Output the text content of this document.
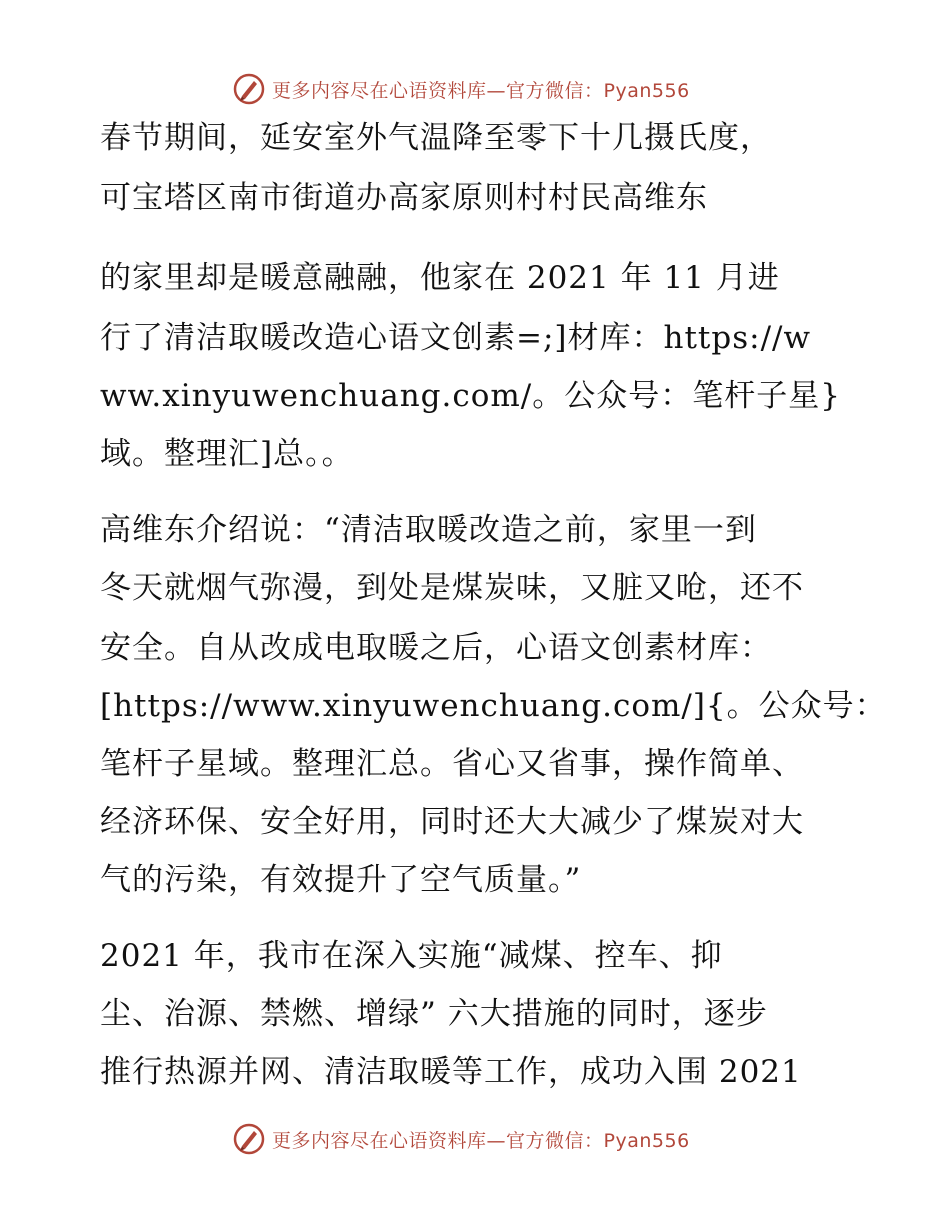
更多内容尽在心语资料库—官方微信：Pyan556
春节期间，延安室外气温降至零下十几摄氏度，
可宝塔区南市街道办高家原则村村民高维东
的家里却是暖意融融，他家在 2021 年 11 月进
行了清洁取暖改造心语文创素=;]材库：https://w
ww.xinyuwenchuang.com/。公众号：笔杆子星}
域。整理汇]总。。
高维东介绍说：“清洁取暖改造之前，家里一到
冬天就烟气弥漫，到处是煤炭味，又脏又呛，还不
安全。自从改成电取暖之后，心语文创素材库：
[https://www.xinyuwenchuang.com/]{。公众号：
笔杆子星域。整理汇总。省心又省事，操作简单、
经济环保、安全好用，同时还大大减少了煤炭对大
气的污染，有效提升了空气质量。”
2021 年，我市在深入实施“减煤、控车、抑
尘、治源、禁燃、增绿” 六大措施的同时，逐步
推行热源并网、清洁取暖等工作，成功入围 2021
更多内容尽在心语资料库—官方微信：Pyan556
